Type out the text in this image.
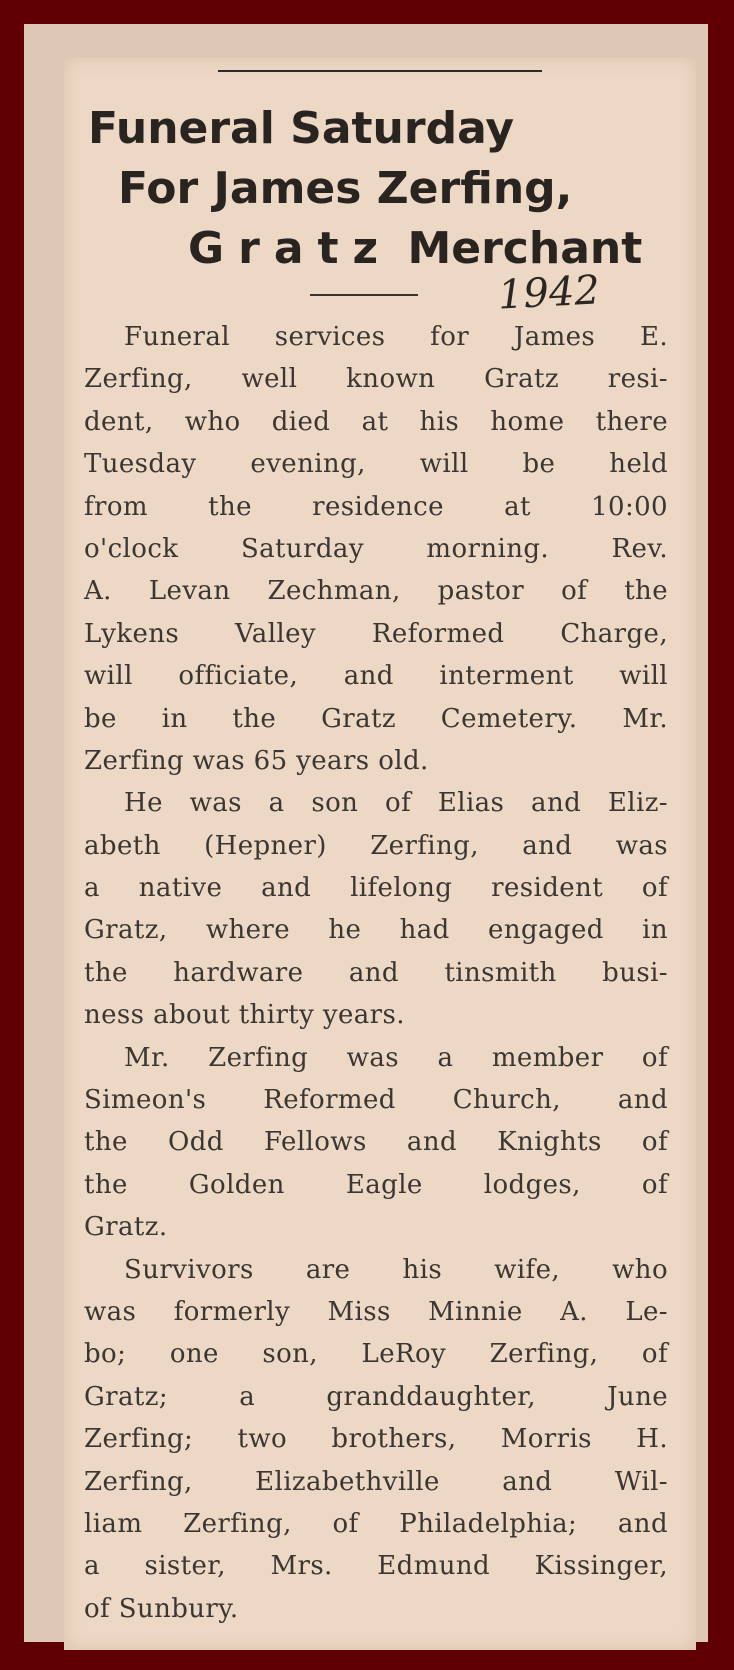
Funeral Saturday
For James Zerfing,
Gratz Merchant
1942
Funeral services for James E.
Zerfing, well known Gratz resi-
dent, who died at his home there
Tuesday evening, will be held
from the residence at 10:00
o'clock Saturday morning. Rev.
A. Levan Zechman, pastor of the
Lykens Valley Reformed Charge,
will officiate, and interment will
be in the Gratz Cemetery. Mr.
Zerfing was 65 years old.
He was a son of Elias and Eliz-
abeth (Hepner) Zerfing, and was
a native and lifelong resident of
Gratz, where he had engaged in
the hardware and tinsmith busi-
ness about thirty years.
Mr. Zerfing was a member of
Simeon's Reformed Church, and
the Odd Fellows and Knights of
the Golden Eagle lodges, of
Gratz.
Survivors are his wife, who
was formerly Miss Minnie A. Le-
bo; one son, LeRoy Zerfing, of
Gratz; a granddaughter, June
Zerfing; two brothers, Morris H.
Zerfing, Elizabethville and Wil-
liam Zerfing, of Philadelphia; and
a sister, Mrs. Edmund Kissinger,
of Sunbury.
